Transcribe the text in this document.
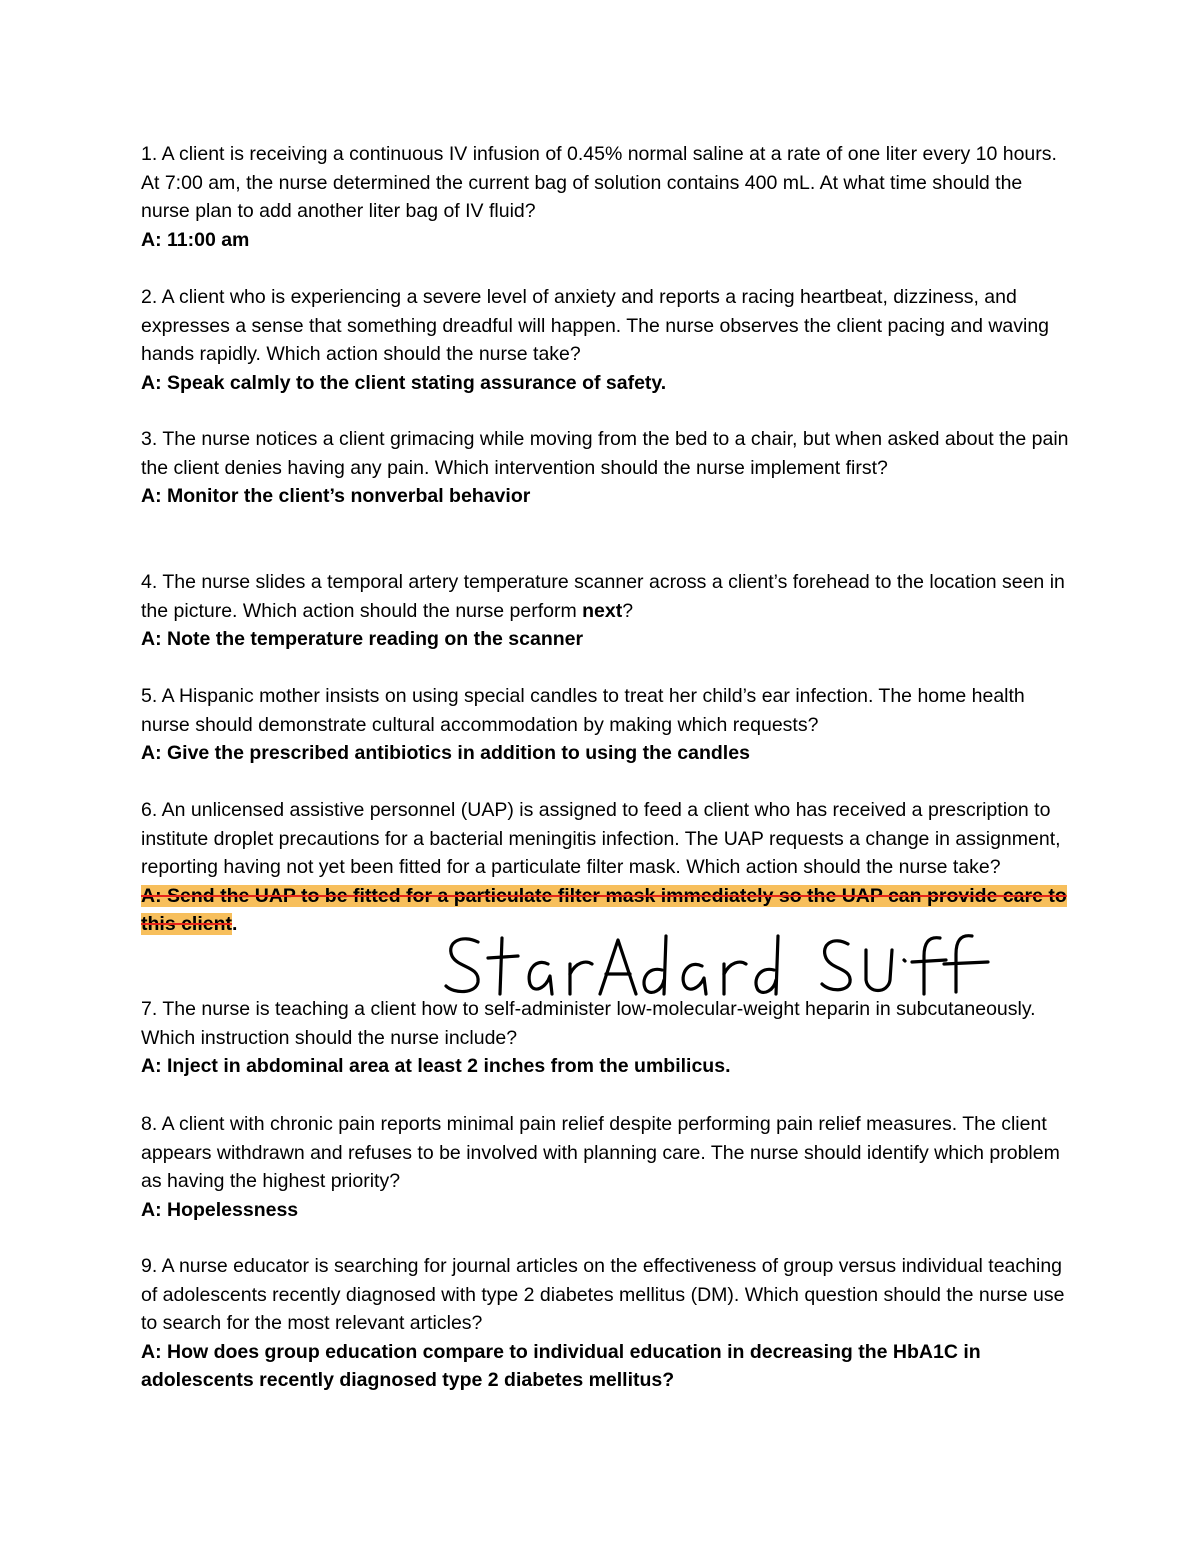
1. A client is receiving a continuous IV infusion of 0.45% normal saline at a rate of one liter every 10 hours. At 7:00 am, the nurse determined the current bag of solution contains 400 mL. At what time should the nurse plan to add another liter bag of IV fluid?

A: 11:00 am

2. A client who is experiencing a severe level of anxiety and reports a racing heartbeat, dizziness, and expresses a sense that something dreadful will happen. The nurse observes the client pacing and waving hands rapidly. Which action should the nurse take?

A: Speak calmly to the client stating assurance of safety.

3. The nurse notices a client grimacing while moving from the bed to a chair, but when asked about the pain the client denies having any pain. Which intervention should the nurse implement first?

A: Monitor the client’s nonverbal behavior

4. The nurse slides a temporal artery temperature scanner across a client’s forehead to the location seen in the picture. Which action should the nurse perform next?

A: Note the temperature reading on the scanner

5. A Hispanic mother insists on using special candles to treat her child’s ear infection. The home health nurse should demonstrate cultural accommodation by making which requests?

A: Give the prescribed antibiotics in addition to using the candles

6. An unlicensed assistive personnel (UAP) is assigned to feed a client who has received a prescription to institute droplet precautions for a bacterial meningitis infection. The UAP requests a change in assignment, reporting having not yet been fitted for a particulate filter mask. Which action should the nurse take?

A: Send the UAP to be fitted for a particulate filter mask immediately so the UAP can provide care to this client.

7. The nurse is teaching a client how to self-administer low-molecular-weight heparin in subcutaneously. Which instruction should the nurse include?

A: Inject in abdominal area at least 2 inches from the umbilicus.

8. A client with chronic pain reports minimal pain relief despite performing pain relief measures. The client appears withdrawn and refuses to be involved with planning care. The nurse should identify which problem as having the highest priority?

A: Hopelessness

9. A nurse educator is searching for journal articles on the effectiveness of group versus individual teaching of adolescents recently diagnosed with type 2 diabetes mellitus (DM). Which question should the nurse use to search for the most relevant articles?

A: How does group education compare to individual education in decreasing the HbA1C in adolescents recently diagnosed type 2 diabetes mellitus?
